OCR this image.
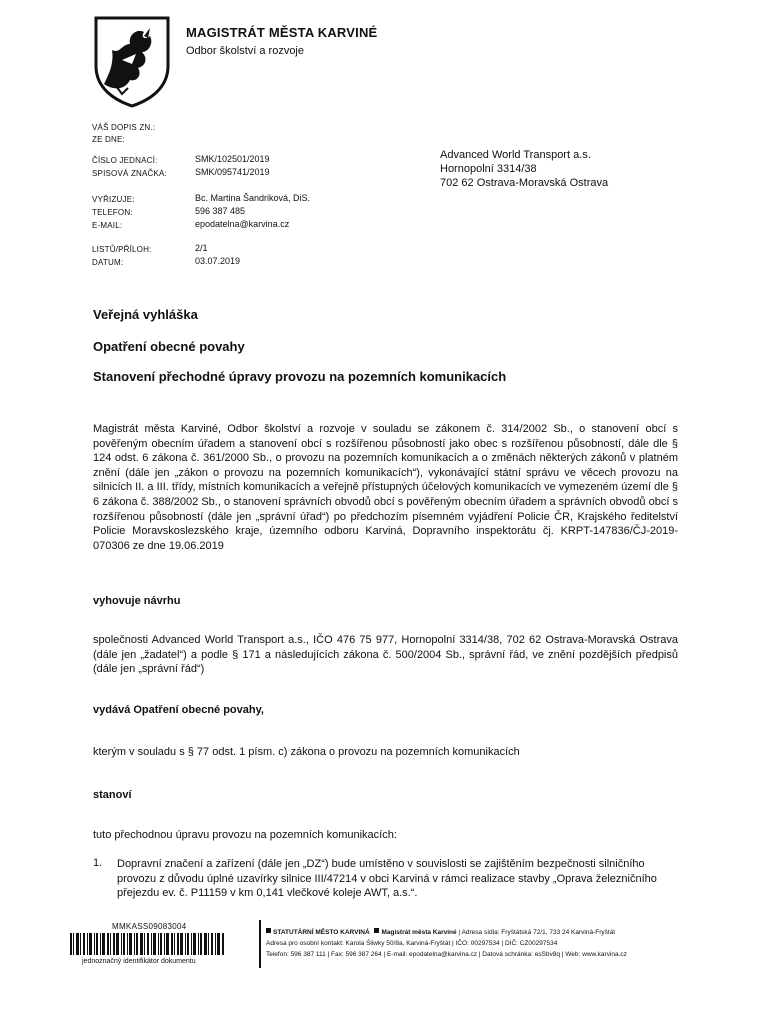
MAGISTRÁT MĚSTA KARVINÉ
Odbor školství a rozvoje
VÁŠ DOPIS ZN.:
ZE DNE:
ČÍSLO JEDNACÍ:
SPISOVÁ ZNAČKA:
VYŘIZUJE:
TELEFON:
E-MAIL:
LISTŮ/PŘÍLOH:
DATUM:
SMK/102501/2019
SMK/095741/2019
Bc. Martina Šandriková, DiS.
596 387 485
epodatelna@karvina.cz
2/1
03.07.2019
Advanced World Transport a.s.
Hornopolní 3314/38
702 62 Ostrava-Moravská Ostrava
Veřejná vyhláška
Opatření obecné povahy
Stanovení přechodné úpravy provozu na pozemních komunikacích
Magistrát města Karviné, Odbor školství a rozvoje v souladu se zákonem č. 314/2002 Sb., o stanovení obcí s pověřeným obecním úřadem a stanovení obcí s rozšířenou působností jako obec s rozšířenou působností, dále dle § 124 odst. 6 zákona č. 361/2000 Sb., o provozu na pozemních komunikacích a o změnách některých zákonů v platném znění (dále jen „zákon o provozu na pozemních komunikacích“), vykonávající státní správu ve věcech provozu na silnicích II. a III. třídy, místních komunikacích a veřejně přístupných účelových komunikacích ve vymezeném území dle § 6 zákona č. 388/2002 Sb., o stanovení správních obvodů obcí s pověřeným obecním úřadem a správních obvodů obcí s rozšířenou působností (dále jen „správní úřad“) po předchozím písemném vyjádření Policie ČR, Krajského ředitelství Policie Moravskoslezského kraje, územního odboru Karviná, Dopravního inspektorátu čj. KRPT-147836/ČJ-2019-070306 ze dne 19.06.2019
vyhovuje návrhu
společnosti Advanced World Transport a.s., IČO 476 75 977, Hornopolní 3314/38, 702 62 Ostrava-Moravská Ostrava (dále jen „žadatel“) a podle § 171 a následujících zákona č. 500/2004 Sb., správní řád, ve znění pozdějších předpisů (dále jen „správní řád“)
vydává Opatření obecné povahy,
kterým v souladu s § 77 odst. 1 písm. c) zákona o provozu na pozemních komunikacích
stanoví
tuto přechodnou úpravu provozu na pozemních komunikacích:
1. Dopravní značení a zařízení (dále jen „DZ“) bude umístěno v souvislosti se zajištěním bezpečnosti silničního provozu z důvodu úplné uzavírky silnice III/47214 v obci Karviná v rámci realizace stavby „Oprava železničního přejezdu ev. č. P11159 v km 0,141 vlečkové koleje AWT, a.s.“.
MMKASS09083004
jednoznačný identifikátor dokumentu
STATUTÁRNÍ MĚSTO KARVINÁ Magistrát města Karviné | Adresa sídla: Fryštátská 72/1, 733 24 Karviná-Fryštát
Adresa pro osobní kontakt: Karola Śliwky 50/8a, Karviná-Fryštát | IČO: 00297534 | DIČ: CZ00297534
Telefon: 596 387 111 | Fax: 596 387 264 | E-mail: epodatelna@karvina.cz | Datová schránka: esSbv8q | Web: www.karvina.cz
